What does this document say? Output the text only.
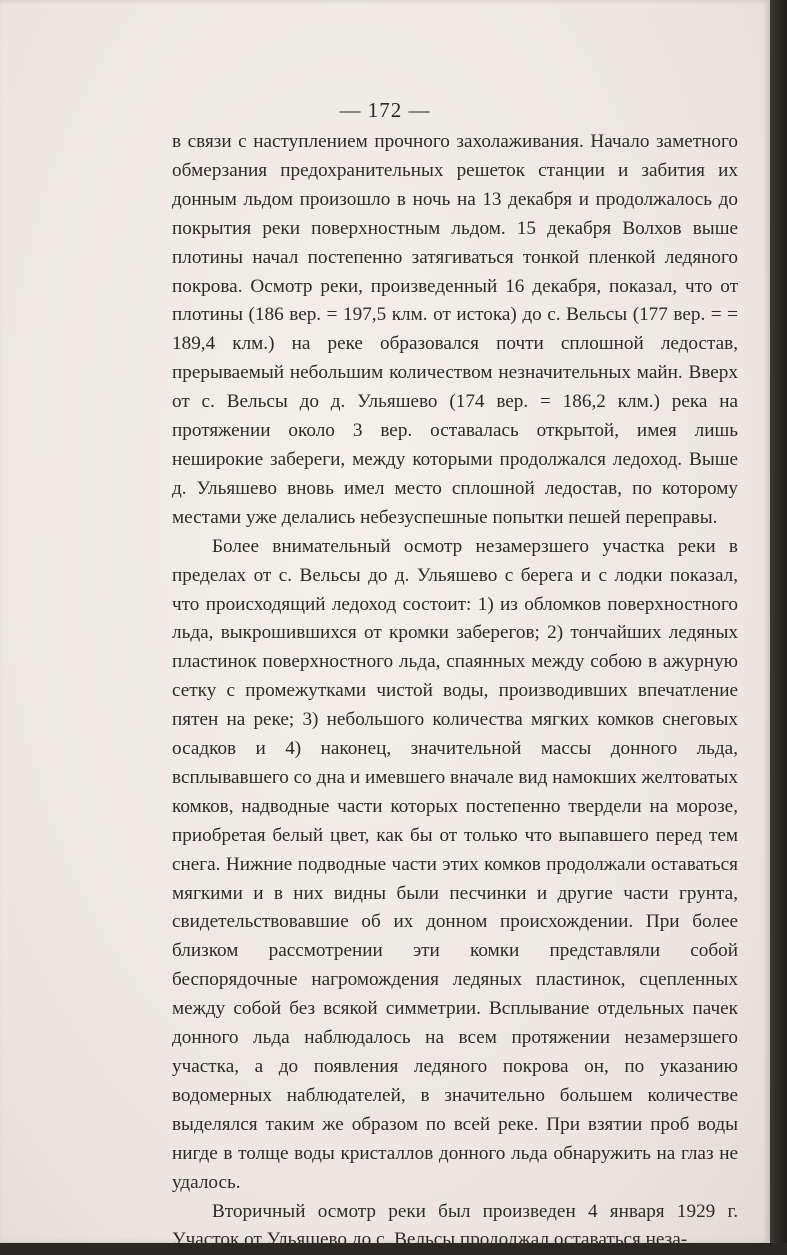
— 172 —

в связи с наступлением прочного захолаживания. Начало заметного обмерзания предохранительных решеток станции и забития их донным льдом произошло в ночь на 13 декабря и продолжалось до покрытия реки поверхностным льдом. 15 декабря Волхов выше плотины начал постепенно затягиваться тонкой пленкой ледяного покрова. Осмотр реки, произведенный 16 декабря, показал, что от плотины (186 вер. = 197,5 клм. от истока) до с. Вельсы (177 вер. = = 189,4 клм.) на реке образовался почти сплошной ледостав, прерываемый небольшим количеством незначительных майн. Вверх от с. Вельсы до д. Ульяшево (174 вер. = 186,2 клм.) река на протяжении около 3 вер. оставалась открытой, имея лишь неширокие забереги, между которыми продолжался ледоход. Выше д. Ульяшево вновь имел место сплошной ледостав, по которому местами уже делались небезуспешные попытки пешей переправы.

Более внимательный осмотр незамерзшего участка реки в пределах от с. Вельсы до д. Ульяшево с берега и с лодки показал, что происходящий ледоход состоит: 1) из обломков поверхностного льда, выкрошившихся от кромки заберегов; 2) тончайших ледяных пластинок поверхностного льда, спаянных между собою в ажурную сетку с промежутками чистой воды, производивших впечатление пятен на реке; 3) небольшого количества мягких комков снеговых осадков и 4) наконец, значительной массы донного льда, всплывавшего со дна и имевшего вначале вид намокших желтоватых комков, надводные части которых постепенно твердели на морозе, приобретая белый цвет, как бы от только что выпавшего перед тем снега. Нижние подводные части этих комков продолжали оставаться мягкими и в них видны были песчинки и другие части грунта, свидетельствовавшие об их донном происхождении. При более близком рассмотрении эти комки представляли собой беспорядочные нагромождения ледяных пластинок, сцепленных между собой без всякой симметрии. Всплывание отдельных пачек донного льда наблюдалось на всем протяжении незамерзшего участка, а до появления ледяного покрова он, по указанию водомерных наблюдателей, в значительно большем количестве выделялся таким же образом по всей реке. При взятии проб воды нигде в толще воды кристаллов донного льда обнаружить на глаз не удалось.

Вторичный осмотр реки был произведен 4 января 1929 г. Участок от Ульяшево до с. Вельсы продолжал оставаться неза-
